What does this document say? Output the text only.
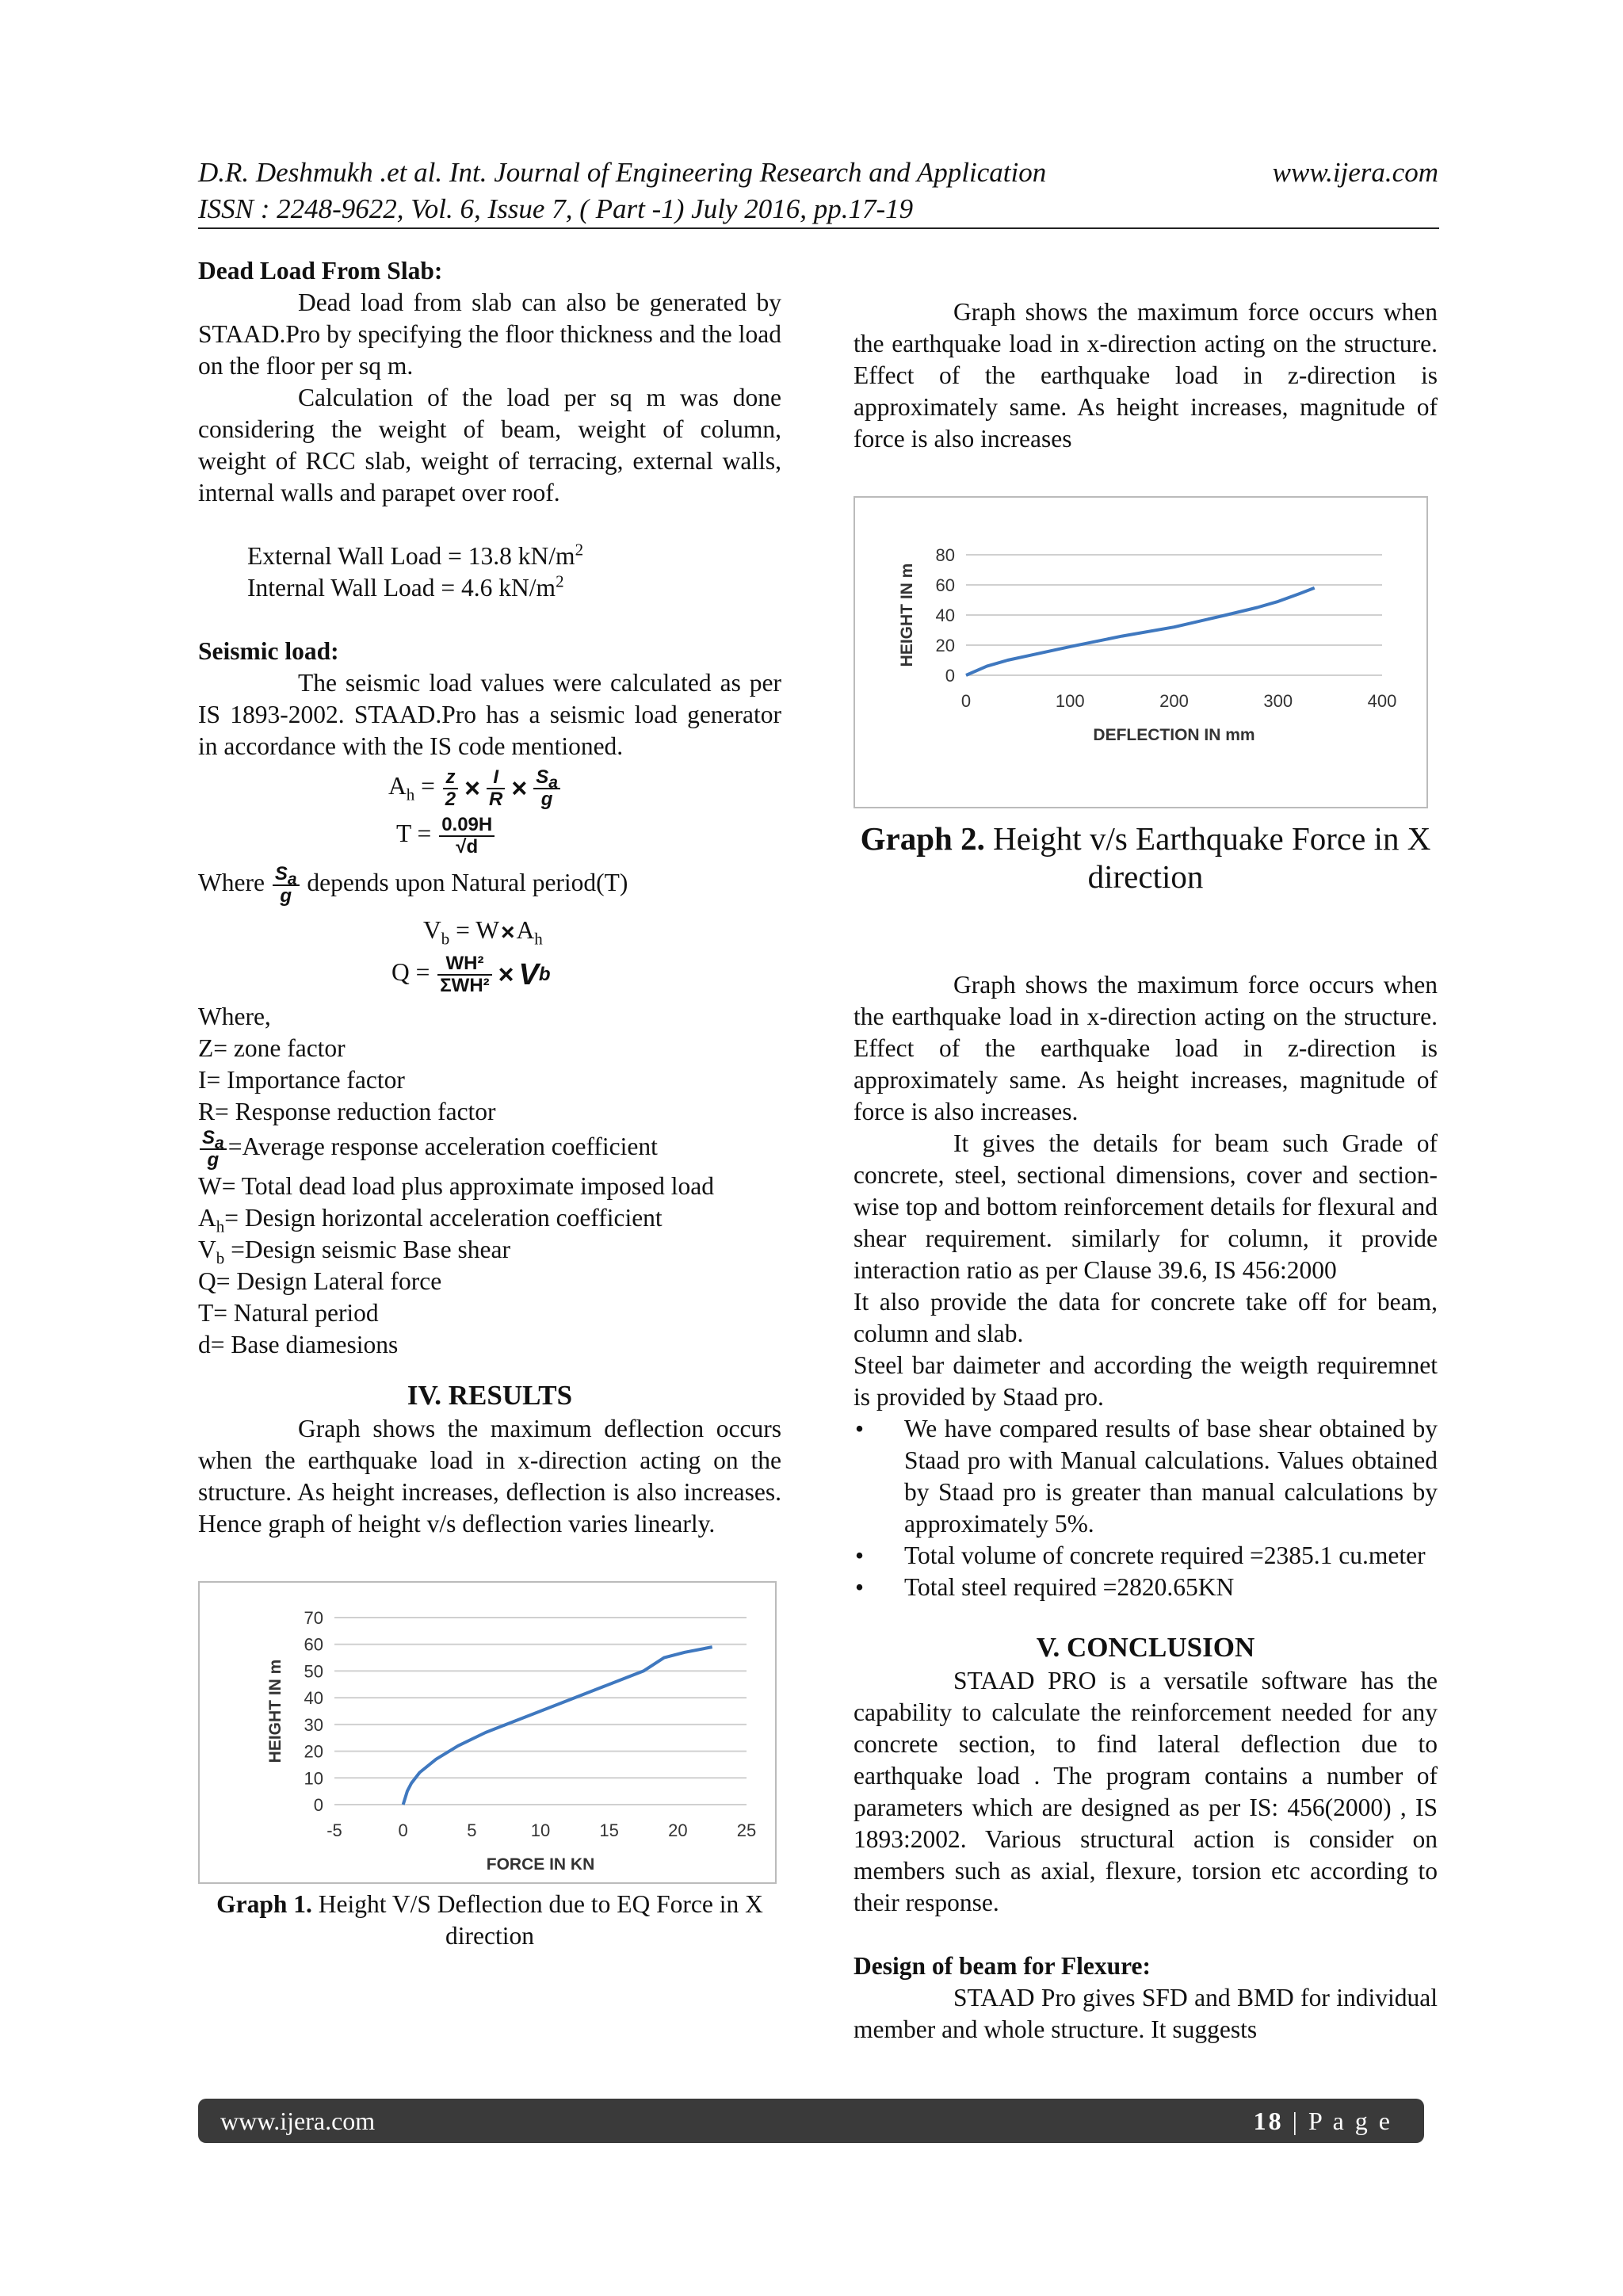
D.R. Deshmukh .et al. Int. Journal of Engineering Research and Application	www.ijera.com
ISSN : 2248-9622, Vol. 6, Issue 7, ( Part -1) July 2016, pp.17-19

Dead Load From Slab:

Dead load from slab can also be generated by STAAD.Pro by specifying the floor thickness and the load on the floor per sq m.

Calculation of the load per sq m was done considering the weight of beam, weight of column, weight of RCC slab, weight of terracing, external walls, internal walls and parapet over roof.

External Wall Load = 13.8 $kN/m^2$

Internal Wall Load = 4.6 $kN/m^2$

Seismic load:

The seismic load values were calculated as per IS 1893-2002. STAAD.Pro has a seismic load generator in accordance with the IS code mentioned.

$A_h = \frac{z}{2} \times \frac{I}{R} \times \frac{S_a}{g}$
$T = \frac{0.09H}{√d}$
Where $\frac{S_a}{g}$ depends upon Natural period(T)
$V_b = W\times A_h$
$Q = \frac{\text{WH²}}{\text{ΣWH²}} \times Vb$

Where,

Z= zone factor

I= Importance factor

R= Response reduction factor

$\frac{S_a}{g}$ =Average response acceleration coefficient

W= Total dead load plus approximate imposed load

$A_h=$ Design horizontal acceleration coefficient

$V_b$ =Design seismic Base shear

Q= Design Lateral force

T= Natural period

d= Base diamesions

IV. RESULTS

Graph shows the maximum deflection occurs when the earthquake load in x-direction acting on the structure. As height increases, deflection is also increases. Hence graph of height v/s deflection varies linearly.

0
10
20
30
40
50
60
70
-5	0	5	10	15	20	25
FORCE IN KN
HEIGHT IN m

Graph 1. Height V/S Deflection due to EQ Force in X direction

Graph shows the maximum force occurs when the earthquake load in x-direction acting on the structure. Effect of the earthquake load in z-direction is approximately same. As height increases, magnitude of force is also increases

0
20
40
60
80
0	100	200	300	400
DEFLECTION IN mm
HEIGHT IN m

Graph 2. Height v/s Earthquake Force in X direction

Graph shows the maximum force occurs when the earthquake load in x-direction acting on the structure. Effect of the earthquake load in z-direction is approximately same. As height increases, magnitude of force is also increases.

It gives the details for beam such Grade of concrete, steel, sectional dimensions, cover and section-wise top and bottom reinforcement details for flexural and shear requirement. similarly for column, it provide interaction ratio as per Clause 39.6, IS 456:2000

It also provide the data for concrete take off for beam, column and slab.

Steel bar daimeter and according the weigth requiremnet is provided by Staad pro.

• We have compared results of base shear obtained by Staad pro with Manual calculations. Values obtained by Staad pro is greater than manual calculations by approximately 5%.
• Total volume of concrete required =2385.1 cu.meter
• Total steel required =2820.65KN

V. CONCLUSION

STAAD PRO is a versatile software has the capability to calculate the reinforcement needed for any concrete section, to find lateral deflection due to earthquake load . The program contains a number of parameters which are designed as per IS: 456(2000) , IS 1893:2002. Various structural action is consider on members such as axial, flexure, torsion etc according to their response.

Design of beam for Flexure:

STAAD Pro gives SFD and BMD for individual member and whole structure. It suggests

www.ijera.com	18 | P a g e
